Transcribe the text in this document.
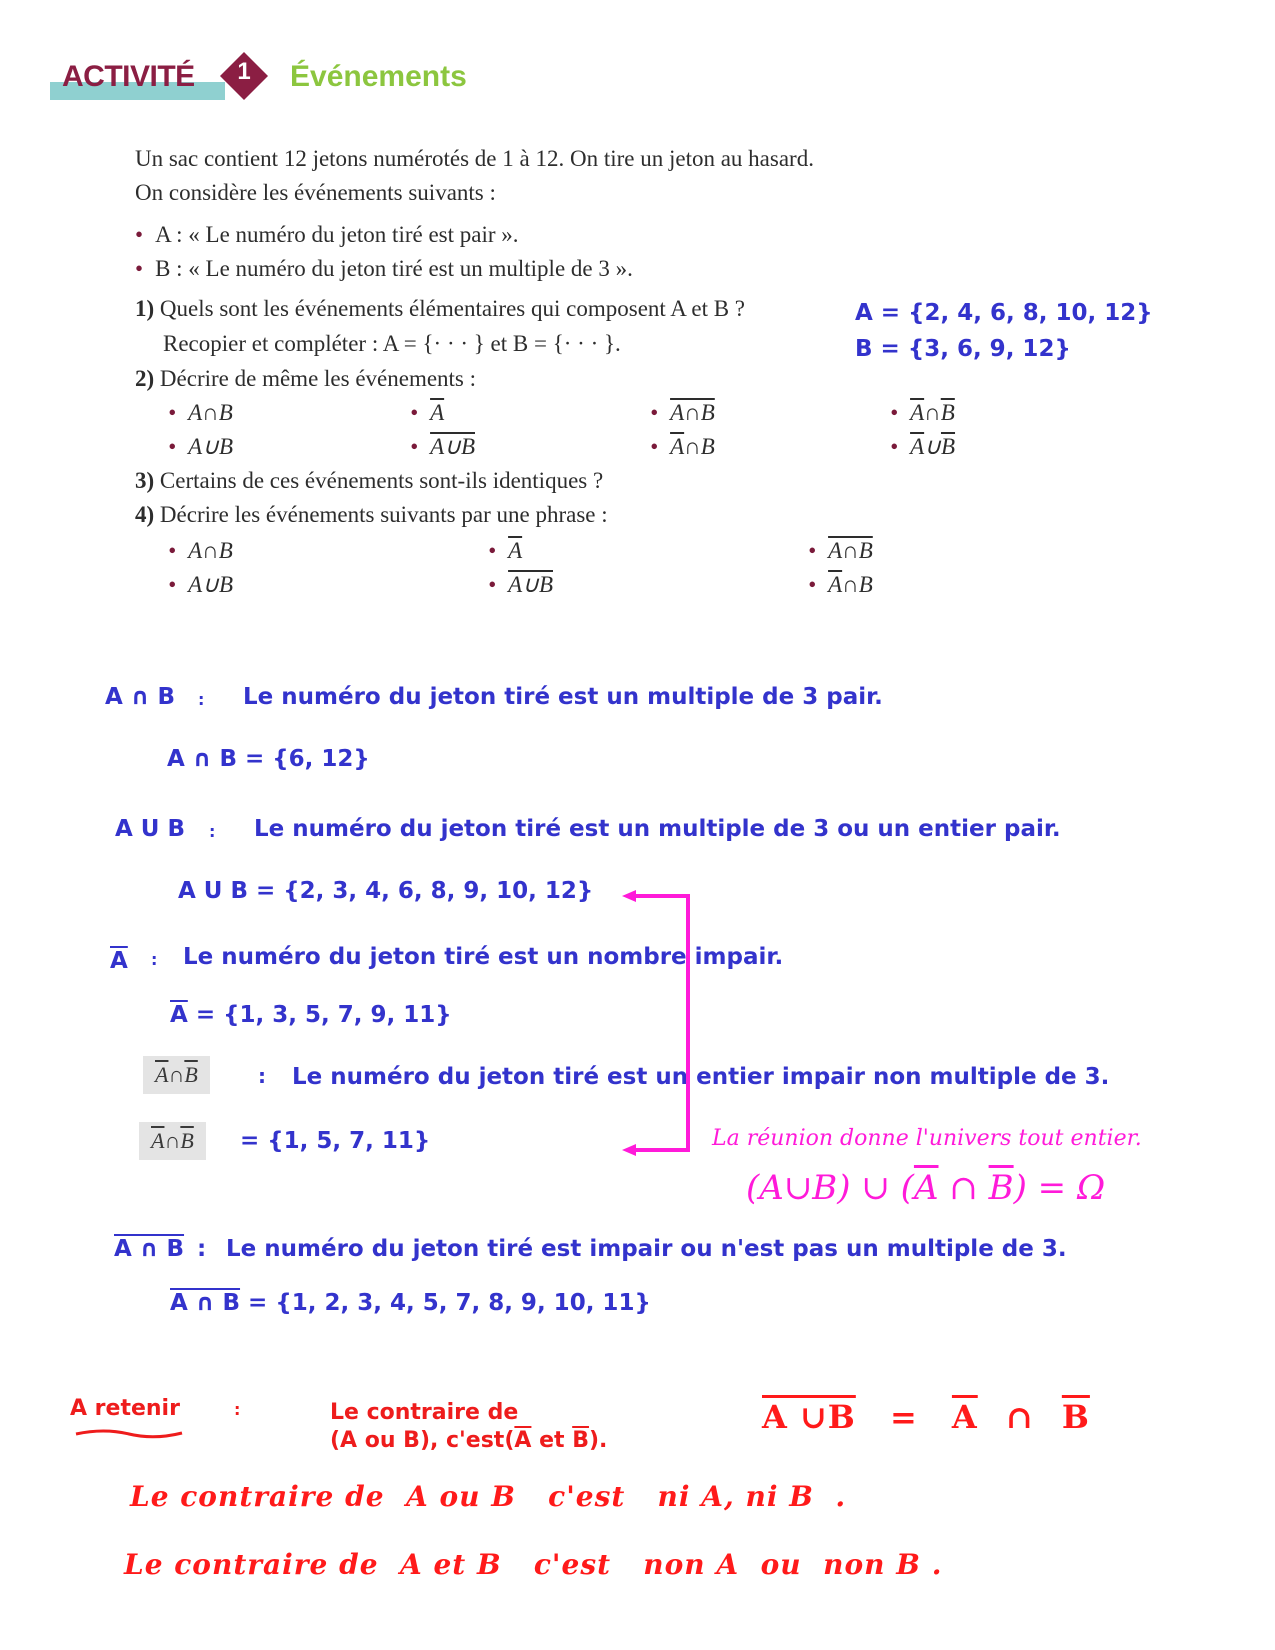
ACTIVITÉ 1 Événements
Un sac contient 12 jetons numérotés de 1 à 12. On tire un jeton au hasard.
On considère les événements suivants :
• A : « Le numéro du jeton tiré est pair ».
• B : « Le numéro du jeton tiré est un multiple de 3 ».
1) Quels sont les événements élémentaires qui composent A et B ?
Recopier et compléter : A = {· · · } et B = {· · · }.
A = {2, 4, 6, 8, 10, 12}
B = {3, 6, 9, 12}
2) Décrire de même les événements :
• A∩B	• $\overline{A}$	• A∩B	• $\overline{A}\cap\overline{B}$
• A∪B	• A∪B	• $\overline{A}\cap B$	• $\overline{A}\cup\overline{B}$
3) Certains de ces événements sont-ils identiques ?
4) Décrire les événements suivants par une phrase :
• A∩B	• $\overline{A}$	• A∩B
• A∪B	• A∪B	• $\overline{A}\cap B$
A ∩ B : Le numéro du jeton tiré est un multiple de 3 pair.
A ∩ B = {6, 12}
A U B : Le numéro du jeton tiré est un multiple de 3 ou un entier pair.
A U B = {2, 3, 4, 6, 8, 9, 10, 12}
$\overline{A}$ : Le numéro du jeton tiré est un nombre impair.
$\overline{A} = \{1$, 3, 5, 7, 9, 11}
$\overline{A}\cap\overline{B}$	: Le numéro du jeton tiré est un entier impair non multiple de 3.
$\overline{A}\cap\overline{B}$	= {1, 5, 7, 11}
A ∩ B : Le numéro du jeton tiré est impair ou n'est pas un multiple de 3.
A ∩ B = {1, 2, 3, 4, 5, 7, 8, 9, 10, 11}
La réunion donne l'univers tout entier.
(A∪B) ∪ ($\overline{A}$ ∩ $\overline{B}) = \Omega$
A retenir	:	Le contraire de
(A ou B), $c'est(\overline{A}$ et $\overline{B}$).
A ∪B = $\overline{A}$ ∩ $\overline{B}$
Le contraire de  A ou B   c'est   ni A, ni B  .
Le contraire de  A et B   c'est   non A  ou  non B .
